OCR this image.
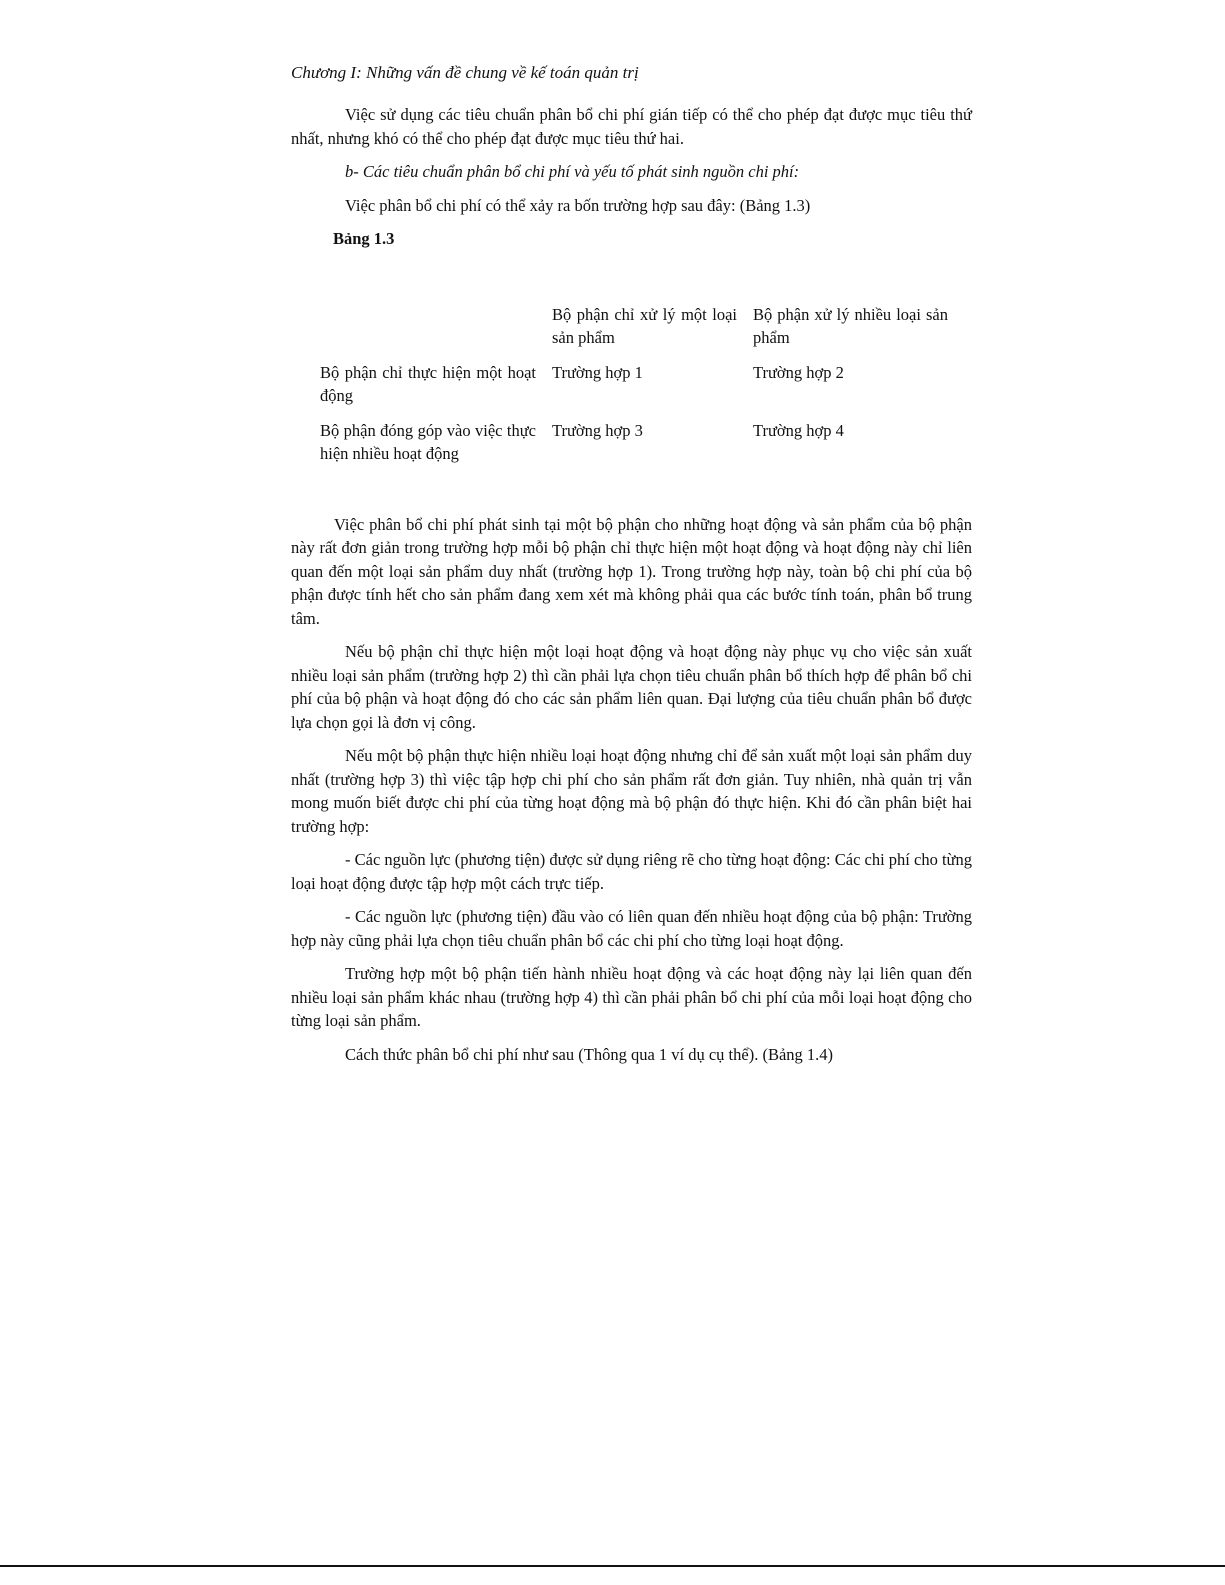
Chương I: Những vấn đề chung về kế toán quản trị

Việc sử dụng các tiêu chuẩn phân bổ chi phí gián tiếp có thể cho phép đạt được mục tiêu thứ nhất, nhưng khó có thể cho phép đạt được mục tiêu thứ hai.

b- Các tiêu chuẩn phân bổ chi phí và yếu tố phát sinh nguồn chi phí:

Việc phân bổ chi phí có thể xảy ra bốn trường hợp sau đây: (Bảng 1.3)

Bảng 1.3
	Bộ phận chỉ xử lý một loại sản phẩm	Bộ phận xử lý nhiều loại sản phẩm
Bộ phận chỉ thực hiện một hoạt động	Trường hợp 1	Trường hợp 2
Bộ phận đóng góp vào việc thực hiện nhiều hoạt động	Trường hợp 3	Trường hợp 4

Việc phân bổ chi phí phát sinh tại một bộ phận cho những hoạt động và sản phẩm của bộ phận này rất đơn giản trong trường hợp mỗi bộ phận chỉ thực hiện một hoạt động và hoạt động này chỉ liên quan đến một loại sản phẩm duy nhất (trường hợp 1). Trong trường hợp này, toàn bộ chi phí của bộ phận được tính hết cho sản phẩm đang xem xét mà không phải qua các bước tính toán, phân bổ trung tâm.

Nếu bộ phận chỉ thực hiện một loại hoạt động và hoạt động này phục vụ cho việc sản xuất nhiều loại sản phẩm (trường hợp 2) thì cần phải lựa chọn tiêu chuẩn phân bổ thích hợp để phân bổ chi phí của bộ phận và hoạt động đó cho các sản phẩm liên quan. Đại lượng của tiêu chuẩn phân bổ được lựa chọn gọi là đơn vị công.

Nếu một bộ phận thực hiện nhiều loại hoạt động nhưng chỉ để sản xuất một loại sản phẩm duy nhất (trường hợp 3) thì việc tập hợp chi phí cho sản phẩm rất đơn giản. Tuy nhiên, nhà quản trị vẫn mong muốn biết được chi phí của từng hoạt động mà bộ phận đó thực hiện. Khi đó cần phân biệt hai trường hợp:

- Các nguồn lực (phương tiện) được sử dụng riêng rẽ cho từng hoạt động: Các chi phí cho từng loại hoạt động được tập hợp một cách trực tiếp.

- Các nguồn lực (phương tiện) đầu vào có liên quan đến nhiều hoạt động của bộ phận: Trường hợp này cũng phải lựa chọn tiêu chuẩn phân bổ các chi phí cho từng loại hoạt động.

Trường hợp một bộ phận tiến hành nhiều hoạt động và các hoạt động này lại liên quan đến nhiều loại sản phẩm khác nhau (trường hợp 4) thì cần phải phân bổ chi phí của mỗi loại hoạt động cho từng loại sản phẩm.

Cách thức phân bổ chi phí như sau (Thông qua 1 ví dụ cụ thể). (Bảng 1.4)
